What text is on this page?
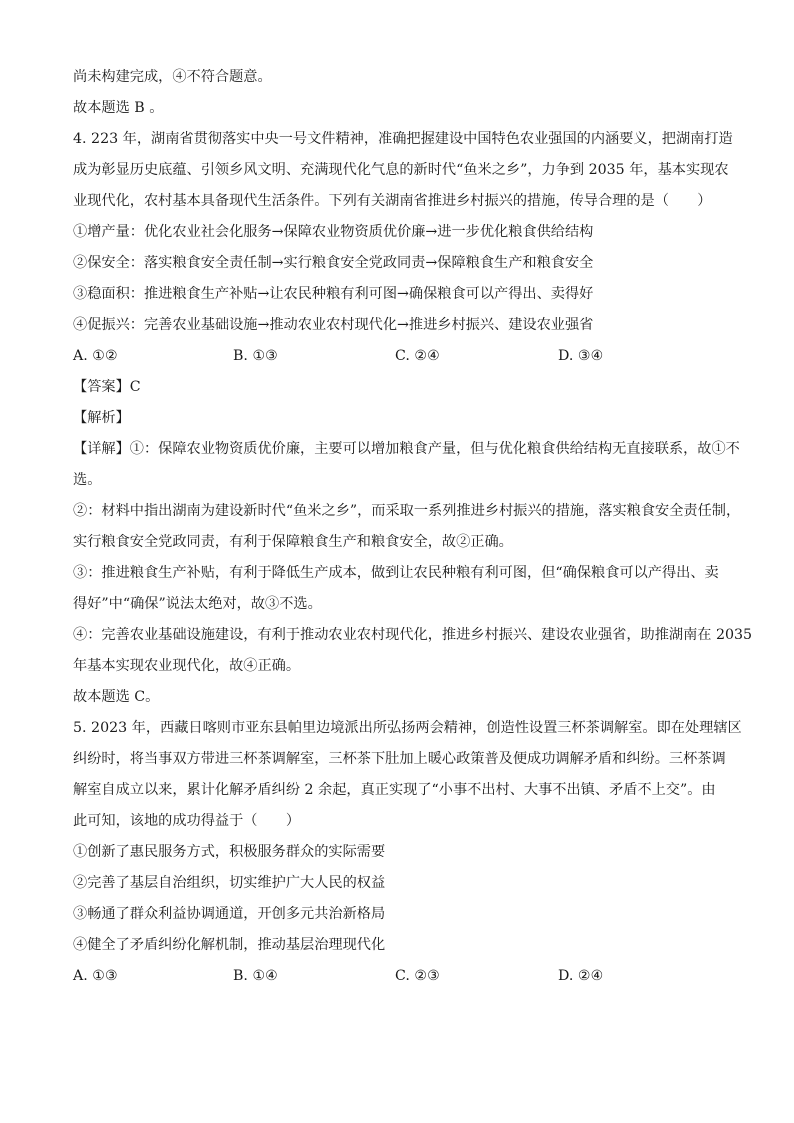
尚未构建完成，④不符合题意。

故本题选 B 。

4. 223 年，湖南省贯彻落实中央一号文件精神，准确把握建设中国特色农业强国的内涵要义，把湖南打造

成为彰显历史底蕴、引领乡风文明、充满现代化气息的新时代“鱼米之乡”，力争到 2035 年，基本实现农

业现代化，农村基本具备现代生活条件。下列有关湖南省推进乡村振兴的措施，传导合理的是（　　）

①增产量：优化农业社会化服务→保障农业物资质优价廉→进一步优化粮食供给结构

②保安全：落实粮食安全责任制→实行粮食安全党政同责→保障粮食生产和粮食安全

③稳面积：推进粮食生产补贴→让农民种粮有利可图→确保粮食可以产得出、卖得好

④促振兴：完善农业基础设施→推动农业农村现代化→推进乡村振兴、建设农业强省

A. ①②	B. ①③	C. ②④	D. ③④

【答案】C

【解析】

【详解】①：保障农业物资质优价廉，主要可以增加粮食产量，但与优化粮食供给结构无直接联系，故①不

选。

②：材料中指出湖南为建设新时代“鱼米之乡”，而采取一系列推进乡村振兴的措施，落实粮食安全责任制，

实行粮食安全党政同责，有利于保障粮食生产和粮食安全，故②正确。

③：推进粮食生产补贴，有利于降低生产成本，做到让农民种粮有利可图，但“确保粮食可以产得出、卖

得好”中“确保”说法太绝对，故③不选。

④：完善农业基础设施建设，有利于推动农业农村现代化，推进乡村振兴、建设农业强省，助推湖南在 2035

年基本实现农业现代化，故④正确。

故本题选 C。

5. 2023 年，西藏日喀则市亚东县帕里边境派出所弘扬两会精神，创造性设置三杯茶调解室。即在处理辖区

纠纷时，将当事双方带进三杯茶调解室，三杯茶下肚加上暖心政策普及便成功调解矛盾和纠纷。三杯茶调

解室自成立以来，累计化解矛盾纠纷 2 余起，真正实现了“小事不出村、大事不出镇、矛盾不上交”。由

此可知，该地的成功得益于（　　）

①创新了惠民服务方式，积极服务群众的实际需要

②完善了基层自治组织，切实维护广大人民的权益

③畅通了群众利益协调通道，开创多元共治新格局

④健全了矛盾纠纷化解机制，推动基层治理现代化

A. ①③	B. ①④	C. ②③	D. ②④
